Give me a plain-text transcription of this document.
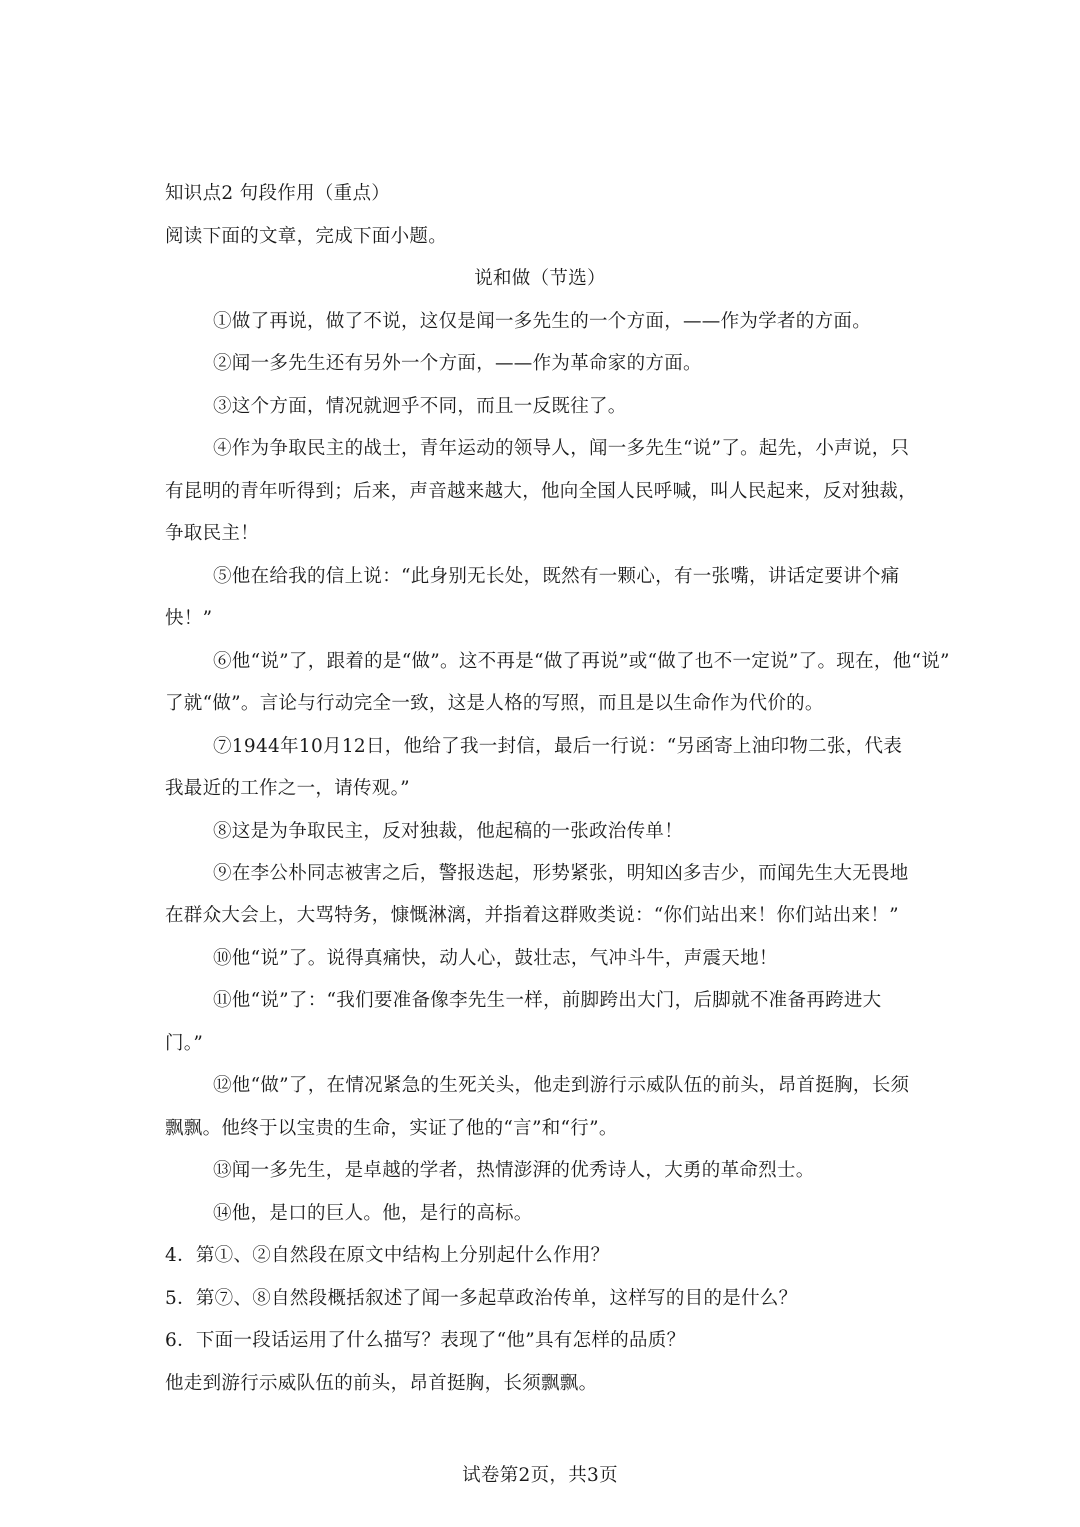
知识点2 句段作用（重点）
阅读下面的文章，完成下面小题。
说和做（节选）
①做了再说，做了不说，这仅是闻一多先生的一个方面，——作为学者的方面。
②闻一多先生还有另外一个方面，——作为革命家的方面。
③这个方面，情况就迥乎不同，而且一反既往了。
④作为争取民主的战士，青年运动的领导人，闻一多先生“说”了。起先，小声说，只
有昆明的青年听得到；后来，声音越来越大，他向全国人民呼喊，叫人民起来，反对独裁，
争取民主！
⑤他在给我的信上说：“此身别无长处，既然有一颗心，有一张嘴，讲话定要讲个痛
快！”
⑥他“说”了，跟着的是“做”。这不再是“做了再说”或“做了也不一定说”了。现在，他“说”
了就“做”。言论与行动完全一致，这是人格的写照，而且是以生命作为代价的。
⑦1944年10月12日，他给了我一封信，最后一行说：“另函寄上油印物二张，代表
我最近的工作之一，请传观。”
⑧这是为争取民主，反对独裁，他起稿的一张政治传单！
⑨在李公朴同志被害之后，警报迭起，形势紧张，明知凶多吉少，而闻先生大无畏地
在群众大会上，大骂特务，慷慨淋漓，并指着这群败类说：“你们站出来！你们站出来！”
⑩他“说”了。说得真痛快，动人心，鼓壮志，气冲斗牛，声震天地！
⑪他“说”了：“我们要准备像李先生一样，前脚跨出大门，后脚就不准备再跨进大
门。”
⑫他“做”了，在情况紧急的生死关头，他走到游行示威队伍的前头，昂首挺胸，长须
飘飘。他终于以宝贵的生命，实证了他的“言”和“行”。
⑬闻一多先生，是卓越的学者，热情澎湃的优秀诗人，大勇的革命烈士。
⑭他，是口的巨人。他，是行的高标。
4．第①、②自然段在原文中结构上分别起什么作用？
5．第⑦、⑧自然段概括叙述了闻一多起草政治传单，这样写的目的是什么？
6．下面一段话运用了什么描写？表现了“他”具有怎样的品质？
他走到游行示威队伍的前头，昂首挺胸，长须飘飘。
试卷第2页，共3页
